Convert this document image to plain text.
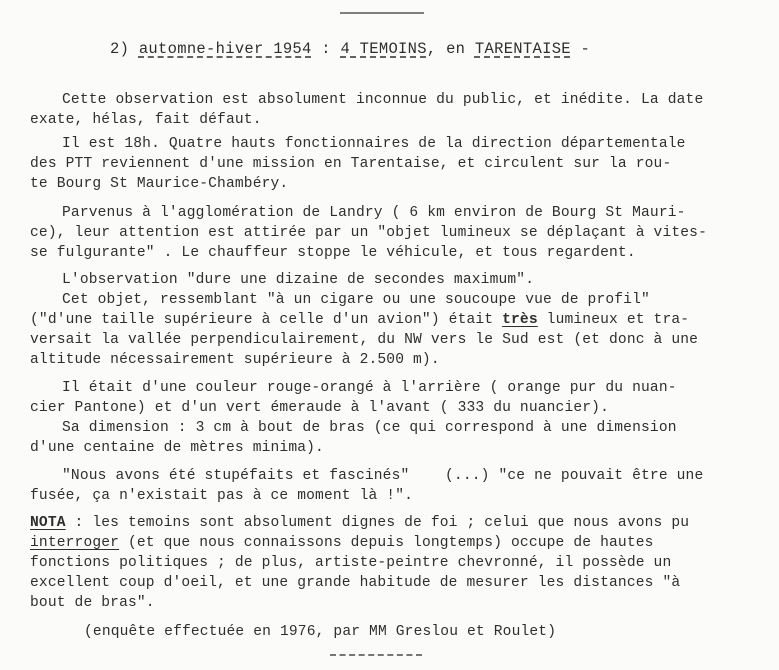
2) automne-hiver 1954 : 4 TEMOINS, en TARENTAISE -
Cette observation est absolument inconnue du public, et inédite. La date
exate, hélas, fait défaut.
Il est 18h. Quatre hauts fonctionnaires de la direction départementale
des PTT reviennent d'une mission en Tarentaise, et circulent sur la rou-
te Bourg St Maurice-Chambéry.
Parvenus à l'agglomération de Landry ( 6 km environ de Bourg St Mauri-
ce), leur attention est attirée par un "objet lumineux se déplaçant à vites-
se fulgurante" . Le chauffeur stoppe le véhicule, et tous regardent.
L'observation "dure une dizaine de secondes maximum".
Cet objet, ressemblant "à un cigare ou une soucoupe vue de profil"
("d'une taille supérieure à celle d'un avion") était très lumineux et tra-
versait la vallée perpendiculairement, du NW vers le Sud est (et donc à une
altitude nécessairement supérieure à 2.500 m).
Il était d'une couleur rouge-orangé à l'arrière ( orange pur du nuan-
cier Pantone) et d'un vert émeraude à l'avant ( 333 du nuancier).
Sa dimension : 3 cm à bout de bras (ce qui correspond à une dimension
d'une centaine de mètres minima).
"Nous avons été stupéfaits et fascinés"    (...) "ce ne pouvait être une
fusée, ça n'existait pas à ce moment là !".
NOTA : les temoins sont absolument dignes de foi ; celui que nous avons pu
interroger (et que nous connaissons depuis longtemps) occupe de hautes
fonctions politiques ; de plus, artiste-peintre chevronné, il possède un
excellent coup d'oeil, et une grande habitude de mesurer les distances "à
bout de bras".
(enquête effectuée en 1976, par MM Greslou et Roulet)
